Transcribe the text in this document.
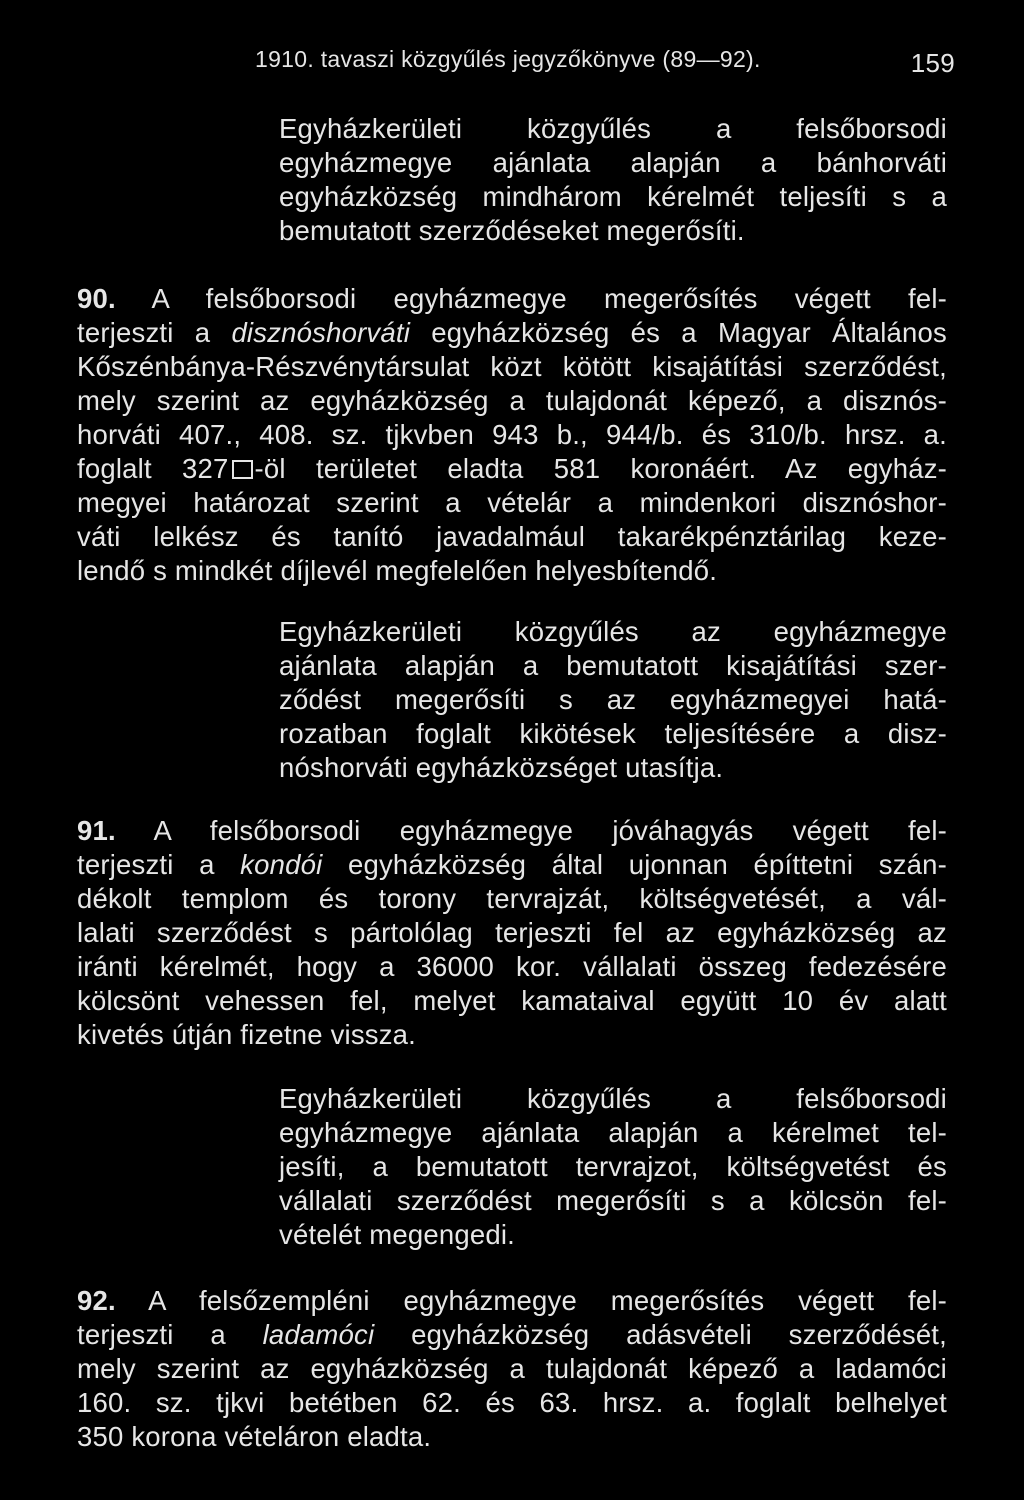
1910. tavaszi közgyűlés jegyzőkönyve (89—92).	159
Egyházkerületi közgyűlés a felsőborsodi
egyházmegye ajánlata alapján a bánhorváti
egyházközség mindhárom kérelmét teljesíti s a
bemutatott szerződéseket megerősíti.
90. A felsőborsodi egyházmegye megerősítés végett fel-
terjeszti a disznóshorváti egyházközség és a Magyar Általános
Kőszénbánya-Részvénytársulat közt kötött kisajátítási szerződést,
mely szerint az egyházközség a tulajdonát képező, a disznós-
horváti 407., 408. sz. tjkvben 943 b., 944/b. és 310/b. hrsz. a.
foglalt 327 -öl területet eladta 581 koronáért. Az egyház-
megyei határozat szerint a vételár a mindenkori disznóshor-
váti lelkész és tanító javadalmául takarékpénztárilag keze-
lendő s mindkét díjlevél megfelelően helyesbítendő.
Egyházkerületi közgyűlés az egyházmegye
ajánlata alapján a bemutatott kisajátítási szer-
ződést megerősíti s az egyházmegyei hatá-
rozatban foglalt kikötések teljesítésére a disz-
nóshorváti egyházközséget utasítja.
91. A felsőborsodi egyházmegye jóváhagyás végett fel-
terjeszti a kondói egyházközség által ujonnan építtetni szán-
dékolt templom és torony tervrajzát, költségvetését, a vál-
lalati szerződést s pártolólag terjeszti fel az egyházközség az
iránti kérelmét, hogy a 36000 kor. vállalati összeg fedezésére
kölcsönt vehessen fel, melyet kamataival együtt 10 év alatt
kivetés útján fizetne vissza.
Egyházkerületi közgyűlés a felsőborsodi
egyházmegye ajánlata alapján a kérelmet tel-
jesíti, a bemutatott tervrajzot, költségvetést és
vállalati szerződést megerősíti s a kölcsön fel-
vételét megengedi.
92. A felsőzempléni egyházmegye megerősítés végett fel-
terjeszti a ladamóci egyházközség adásvételi szerződését,
mely szerint az egyházközség a tulajdonát képező a ladamóci
160. sz. tjkvi betétben 62. és 63. hrsz. a. foglalt belhelyet
350 korona vételáron eladta.
